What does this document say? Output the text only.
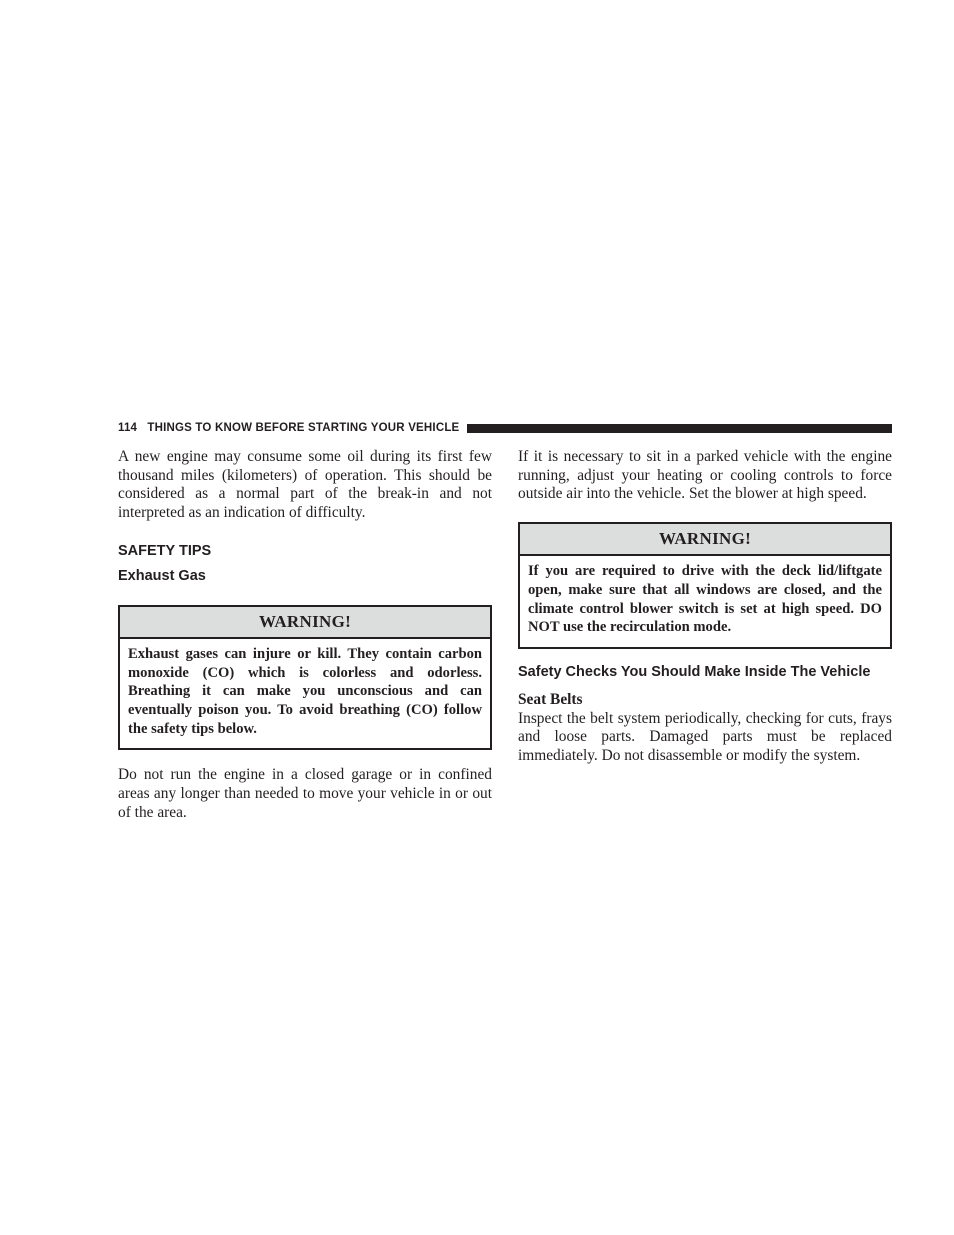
114 THINGS TO KNOW BEFORE STARTING YOUR VEHICLE

A new engine may consume some oil during its first few thousand miles (kilometers) of operation. This should be considered as a normal part of the break-in and not interpreted as an indication of difficulty.

SAFETY TIPS
Exhaust Gas
WARNING!
Exhaust gases can injure or kill. They contain carbon monoxide (CO) which is colorless and odorless. Breathing it can make you unconscious and can eventually poison you. To avoid breathing (CO) follow the safety tips below.

Do not run the engine in a closed garage or in confined areas any longer than needed to move your vehicle in or out of the area.

If it is necessary to sit in a parked vehicle with the engine running, adjust your heating or cooling controls to force outside air into the vehicle. Set the blower at high speed.

WARNING!
If you are required to drive with the deck lid/liftgate open, make sure that all windows are closed, and the climate control blower switch is set at high speed. DO NOT use the recirculation mode.
Safety Checks You Should Make Inside The Vehicle
Seat Belts

Inspect the belt system periodically, checking for cuts, frays and loose parts. Damaged parts must be replaced immediately. Do not disassemble or modify the system.
